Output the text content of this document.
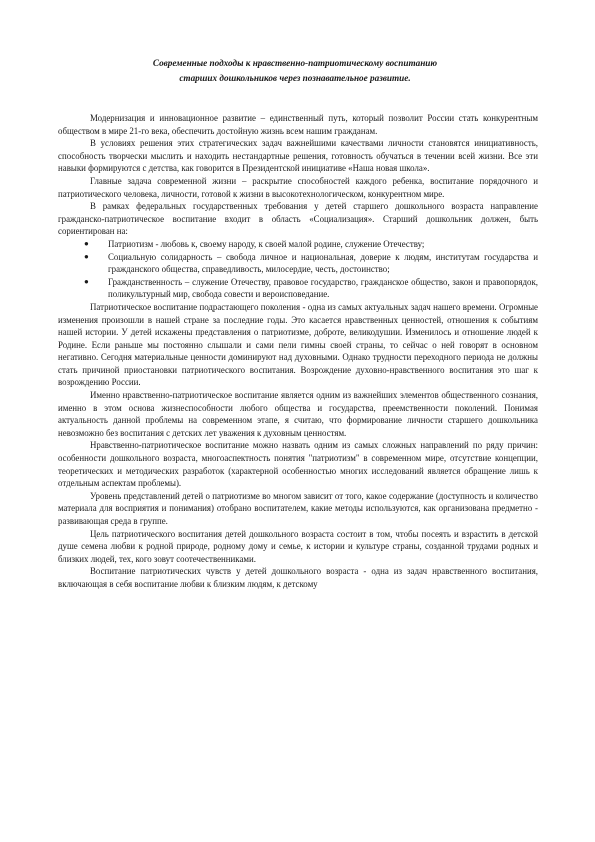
Современные подходы к нравственно-патриотическому воспитанию
старших дошкольников через познавательное развитие.

Модернизация и инновационное развитие – единственный путь, который позволит России стать конкурентным обществом в мире 21-го века, обеспечить достойную жизнь всем нашим гражданам.

В условиях решения этих стратегических задач важнейшими качествами личности становятся инициативность, способность творчески мыслить и находить нестандартные решения, готовность обучаться в течении всей жизни. Все эти навыки формируются с детства, как говорится в Президентской инициативе «Наша новая школа».

Главные задача современной жизни – раскрытие способностей каждого ребенка, воспитание порядочного и патриотического человека, личности, готовой к жизни в высокотехнологическом, конкурентном мире.

В рамках федеральных государственных требования у детей старшего дошкольного возраста направление гражданско-патриотическое воспитание входит в область «Социализация». Старший дошкольник должен, быть сориентирован на:

● Патриотизм - любовь к, своему народу, к своей малой родине, служение Отечеству;
● Социальную солидарность – свобода личное и национальная, доверие к людям, институтам государства и гражданского общества, справедливость, милосердие, честь, достоинство;
● Гражданственность – служение Отечеству, правовое государство, гражданское общество, закон и правопорядок, поликультурный мир, свобода совести и вероисповедание.

Патриотическое воспитание подрастающего поколения - одна из самых актуальных задач нашего времени. Огромные изменения произошли в нашей стране за последние годы. Это касается нравственных ценностей, отношения к событиям нашей истории. У детей искажены представления о патриотизме, доброте, великодушии. Изменилось и отношение людей к Родине. Если раньше мы постоянно слышали и сами пели гимны своей страны, то сейчас о ней говорят в основном негативно. Сегодня материальные ценности доминируют над духовными. Однако трудности переходного периода не должны стать причиной приостановки патриотического воспитания. Возрождение духовно-нравственного воспитания это шаг к возрождению России.

Именно нравственно-патриотическое воспитание является одним из важнейших элементов общественного сознания, именно в этом основа жизнеспособности любого общества и государства, преемственности поколений. Понимая актуальность данной проблемы на современном этапе, я считаю, что формирование личности старшего дошкольника невозможно без воспитания с детских лет уважения к духовным ценностям.

Нравственно-патриотическое воспитание можно назвать одним из самых сложных направлений по ряду причин: особенности дошкольного возраста, многоаспектность понятия "патриотизм" в современном мире, отсутствие концепции, теоретических и методических разработок (характерной особенностью многих исследований является обращение лишь к отдельным аспектам проблемы).

Уровень представлений детей о патриотизме во многом зависит от того, какое содержание (доступность и количество материала для восприятия и понимания) отобрано воспитателем, какие методы используются, как организована предметно - развивающая среда в группе.

Цель патриотического воспитания детей дошкольного возраста состоит в том, чтобы посеять и взрастить в детской душе семена любви к родной природе, родному дому и семье, к истории и культуре страны, созданной трудами родных и близких людей, тех, кого зовут соотечественниками.

Воспитание патриотических чувств у детей дошкольного возраста - одна из задач нравственного воспитания, включающая в себя воспитание любви к близким людям, к детскому
